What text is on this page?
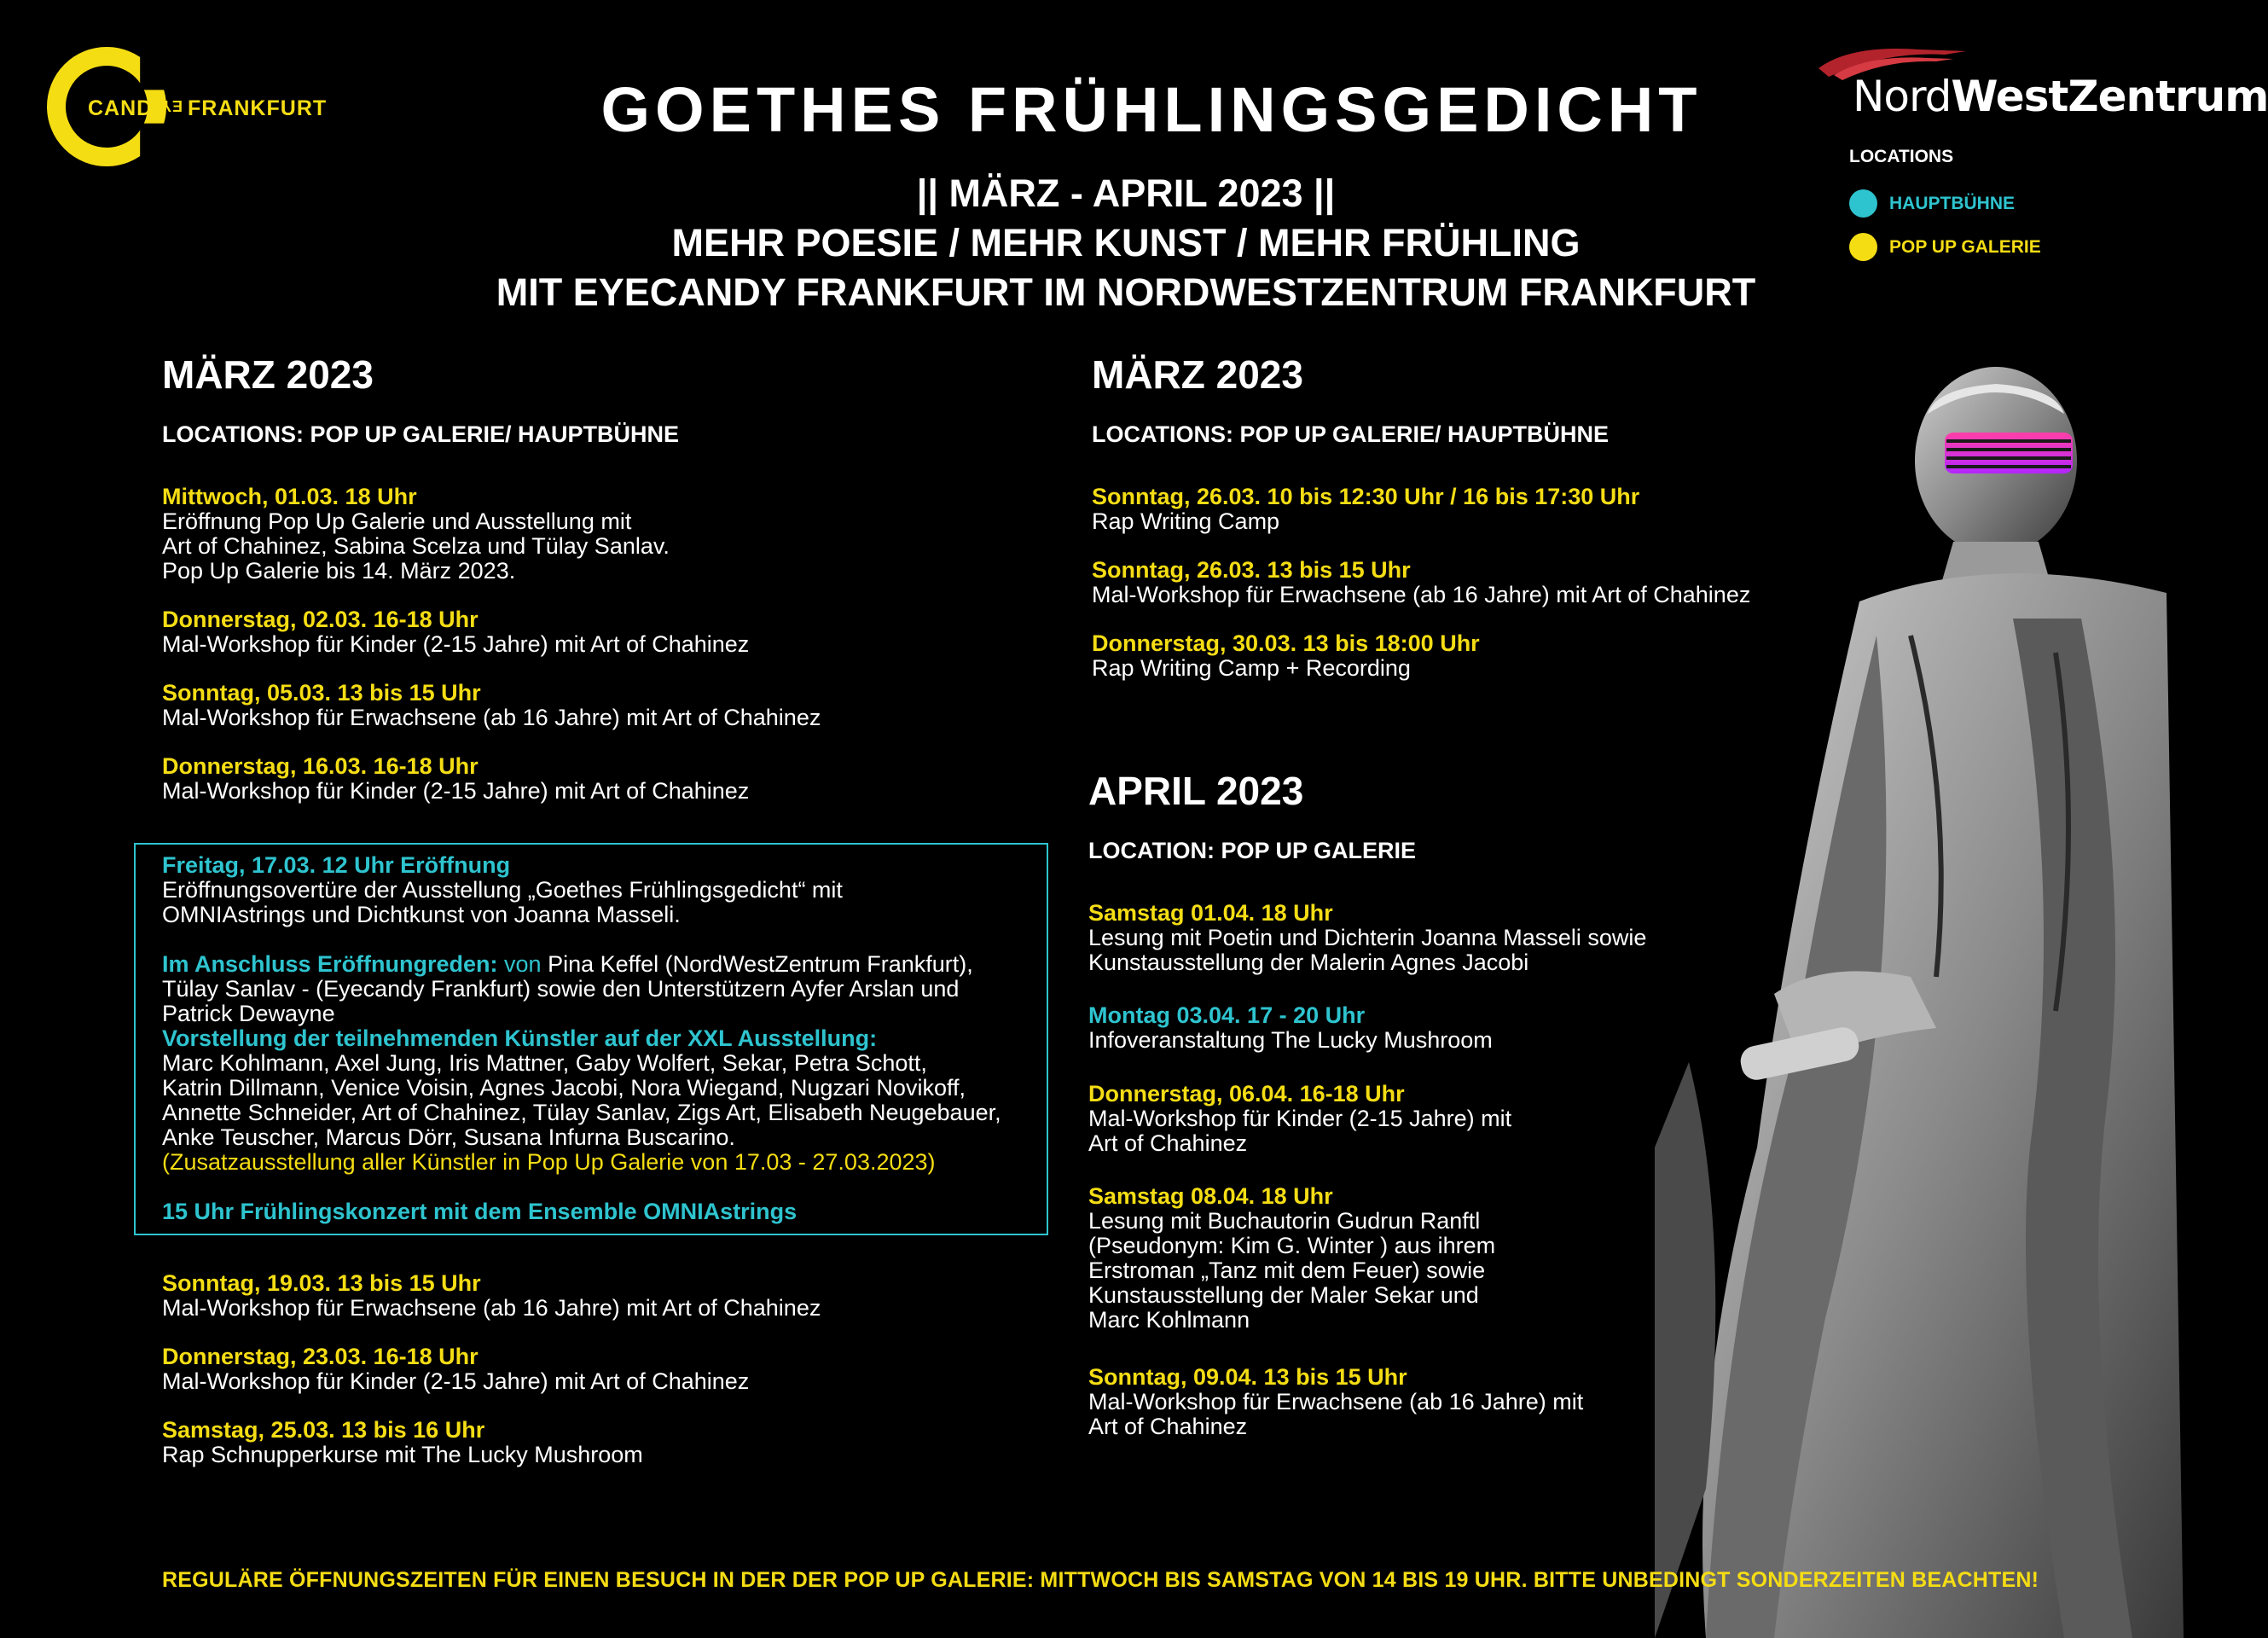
CAND
EYE FRANKFURT	NordWestZentrum
LOCATIONS
HAUPTBÜHNE
POP UP GALERIE
GOETHES FRÜHLINGSGEDICHT
|| MÄRZ - APRIL 2023 ||
MEHR POESIE / MEHR KUNST / MEHR FRÜHLING
MIT EYECANDY FRANKFURT IM NORDWESTZENTRUM FRANKFURT
MÄRZ 2023
LOCATIONS: POP UP GALERIE/ HAUPTBÜHNE
Mittwoch, 01.03. 18 Uhr
Eröffnung Pop Up Galerie und Ausstellung mit
Art of Chahinez, Sabina Scelza und Tülay Sanlav.
Pop Up Galerie bis 14. März 2023.
Donnerstag, 02.03. 16-18 Uhr
Mal-Workshop für Kinder (2-15 Jahre) mit Art of Chahinez
Sonntag, 05.03. 13 bis 15 Uhr
Mal-Workshop für Erwachsene (ab 16 Jahre) mit Art of Chahinez
Donnerstag, 16.03. 16-18 Uhr
Mal-Workshop für Kinder (2-15 Jahre) mit Art of Chahinez
Freitag, 17.03. 12 Uhr Eröffnung
Eröffnungsovertüre der Ausstellung „Goethes Frühlingsgedicht“ mit
OMNIAstrings und Dichtkunst von Joanna Masseli.
Im Anschluss Eröffnungreden: von Pina Keffel (NordWestZentrum Frankfurt),
Tülay Sanlav - (Eyecandy Frankfurt) sowie den Unterstützern Ayfer Arslan und
Patrick Dewayne
Vorstellung der teilnehmenden Künstler auf der XXL Ausstellung:
Marc Kohlmann, Axel Jung, Iris Mattner, Gaby Wolfert, Sekar, Petra Schott,
Katrin Dillmann, Venice Voisin, Agnes Jacobi, Nora Wiegand, Nugzari Novikoff,
Annette Schneider, Art of Chahinez, Tülay Sanlav, Zigs Art, Elisabeth Neugebauer,
Anke Teuscher, Marcus Dörr, Susana Infurna Buscarino.
(Zusatzausstellung aller Künstler in Pop Up Galerie von 17.03 - 27.03.2023)
15 Uhr Frühlingskonzert mit dem Ensemble OMNIAstrings
Sonntag, 19.03. 13 bis 15 Uhr
Mal-Workshop für Erwachsene (ab 16 Jahre) mit Art of Chahinez
Donnerstag, 23.03. 16-18 Uhr
Mal-Workshop für Kinder (2-15 Jahre) mit Art of Chahinez
Samstag, 25.03. 13 bis 16 Uhr
Rap Schnupperkurse mit The Lucky Mushroom
MÄRZ 2023
LOCATIONS: POP UP GALERIE/ HAUPTBÜHNE
Sonntag, 26.03. 10 bis 12:30 Uhr / 16 bis 17:30 Uhr
Rap Writing Camp
Sonntag, 26.03. 13 bis 15 Uhr
Mal-Workshop für Erwachsene (ab 16 Jahre) mit Art of Chahinez
Donnerstag, 30.03. 13 bis 18:00 Uhr
Rap Writing Camp + Recording
APRIL 2023
LOCATION: POP UP GALERIE
Samstag 01.04. 18 Uhr
Lesung mit Poetin und Dichterin Joanna Masseli sowie
Kunstausstellung der Malerin Agnes Jacobi
Montag 03.04. 17 - 20 Uhr
Infoveranstaltung The Lucky Mushroom
Donnerstag, 06.04. 16-18 Uhr
Mal-Workshop für Kinder (2-15 Jahre) mit
Art of Chahinez
Samstag 08.04. 18 Uhr
Lesung mit Buchautorin Gudrun Ranftl
(Pseudonym: Kim G. Winter ) aus ihrem
Erstroman „Tanz mit dem Feuer) sowie
Kunstausstellung der Maler Sekar und
Marc Kohlmann
Sonntag, 09.04. 13 bis 15 Uhr
Mal-Workshop für Erwachsene (ab 16 Jahre) mit
Art of Chahinez
REGULÄRE ÖFFNUNGSZEITEN FÜR EINEN BESUCH IN DER DER POP UP GALERIE: MITTWOCH BIS SAMSTAG VON 14 BIS 19 UHR. BITTE UNBEDINGT SONDERZEITEN BEACHTEN!
